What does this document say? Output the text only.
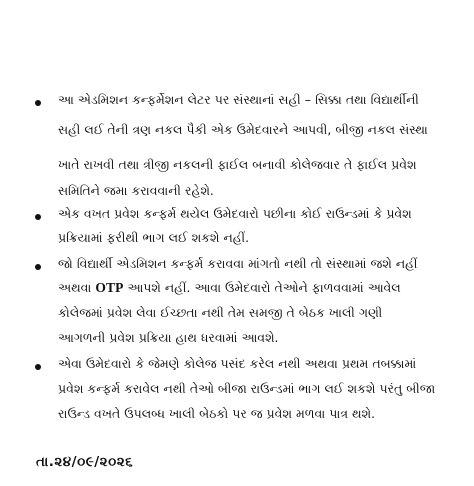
આ એડમિશન કન્ફર્મેશન લેટર પર સંસ્થાનાં સહી – સિક્કા તથા વિદ્યાર્થીની
સહી લઈ તેની ત્રણ નકલ પૈકી એક ઉમેદવારને આપવી, બીજી નકલ સંસ્થા
ખાતે રાખવી તથા ત્રીજી નકલની ફાઈલ બનાવી કોલેજવાર તે ફાઈલ પ્રવેશ
સમિતિને જમા કરાવવાની રહેશે.
એક વખત પ્રવેશ કન્ફર્મ થયેલ ઉમેદવારો પછીના કોઈ રાઉન્ડમાં કે પ્રવેશ
પ્રક્રિયામાં ફરીથી ભાગ લઈ શકશે નહીં.
જો વિદ્યાર્થી એડમિશન કન્ફર્મ કરાવવા માંગતો નથી તો સંસ્થામાં જશે નહીં
અથવા OTP આપશે નહીં. આવા ઉમેદવારો તેઓને ફાળવવામાં આવેલ
કોલેજમાં પ્રવેશ લેવા ઈચ્છતા નથી તેમ સમજી તે બેઠક ખાલી ગણી
આગળની પ્રવેશ પ્રક્રિયા હાથ ધરવામાં આવશે.
એવા ઉમેદવારો કે જેમણે કોલેજ પસંદ કરેલ નથી અથવા પ્રથમ તબક્કામાં
પ્રવેશ કન્ફર્મ કરાવેલ નથી તેઓ બીજા રાઉન્ડમાં ભાગ લઈ શકશે પરંતુ બીજા
રાઉન્ડ વખતે ઉપલબ્ધ ખાલી બેઠકો પર જ પ્રવેશ મળવા પાત્ર થશે.
તા.૨૪/૦૯/૨૦૨૬
